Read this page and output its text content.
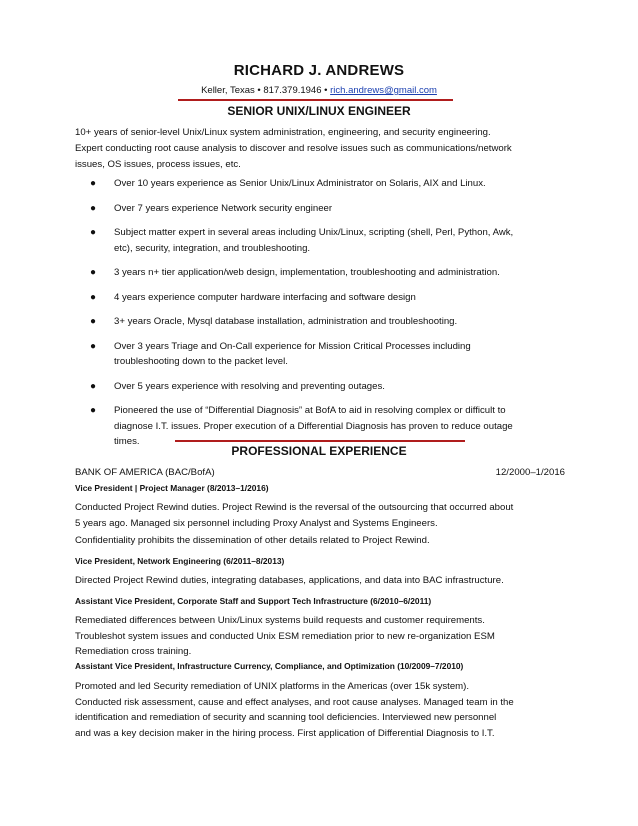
RICHARD J. ANDREWS
Keller, Texas • 817.379.1946 • rich.andrews@gmail.com
SENIOR UNIX/LINUX ENGINEER
10+ years of senior-level Unix/Linux system administration, engineering, and security engineering.
Expert conducting root cause analysis to discover and resolve issues such as communications/network
issues, OS issues, process issues, etc.
● Over 10 years experience as Senior Unix/Linux Administrator on Solaris, AIX and Linux.
● Over 7 years experience Network security engineer
● Subject matter expert in several areas including Unix/Linux, scripting (shell, Perl, Python, Awk,
etc), security, integration, and troubleshooting.
● 3 years n+ tier application/web design, implementation, troubleshooting and administration.
● 4 years experience computer hardware interfacing and software design
● 3+ years Oracle, Mysql database installation, administration and troubleshooting.
● Over 3 years Triage and On-Call experience for Mission Critical Processes including
troubleshooting down to the packet level.
● Over 5 years experience with resolving and preventing outages.
● Pioneered the use of “Differential Diagnosis” at BofA to aid in resolving complex or difficult to
diagnose I.T. issues. Proper execution of a Differential Diagnosis has proven to reduce outage
times.
PROFESSIONAL EXPERIENCE
BANK OF AMERICA (BAC/BofA)	12/2000–1/2016
Vice President | Project Manager (8/2013–1/2016)
Conducted Project Rewind duties. Project Rewind is the reversal of the outsourcing that occurred about
5 years ago. Managed six personnel including Proxy Analyst and Systems Engineers.
Confidentiality prohibits the dissemination of other details related to Project Rewind.
Vice President, Network Engineering (6/2011–8/2013)
Directed Project Rewind duties, integrating databases, applications, and data into BAC infrastructure.
Assistant Vice President, Corporate Staff and Support Tech Infrastructure (6/2010–6/2011)
Remediated differences between Unix/Linux systems build requests and customer requirements.
Troubleshot system issues and conducted Unix ESM remediation prior to new re-organization ESM
Remediation cross training.
Assistant Vice President, Infrastructure Currency, Compliance, and Optimization (10/2009–7/2010)
Promoted and led Security remediation of UNIX platforms in the Americas (over 15k system).
Conducted risk assessment, cause and effect analyses, and root cause analyses. Managed team in the
identification and remediation of security and scanning tool deficiencies. Interviewed new personnel
and was a key decision maker in the hiring process. First application of Differential Diagnosis to I.T.
